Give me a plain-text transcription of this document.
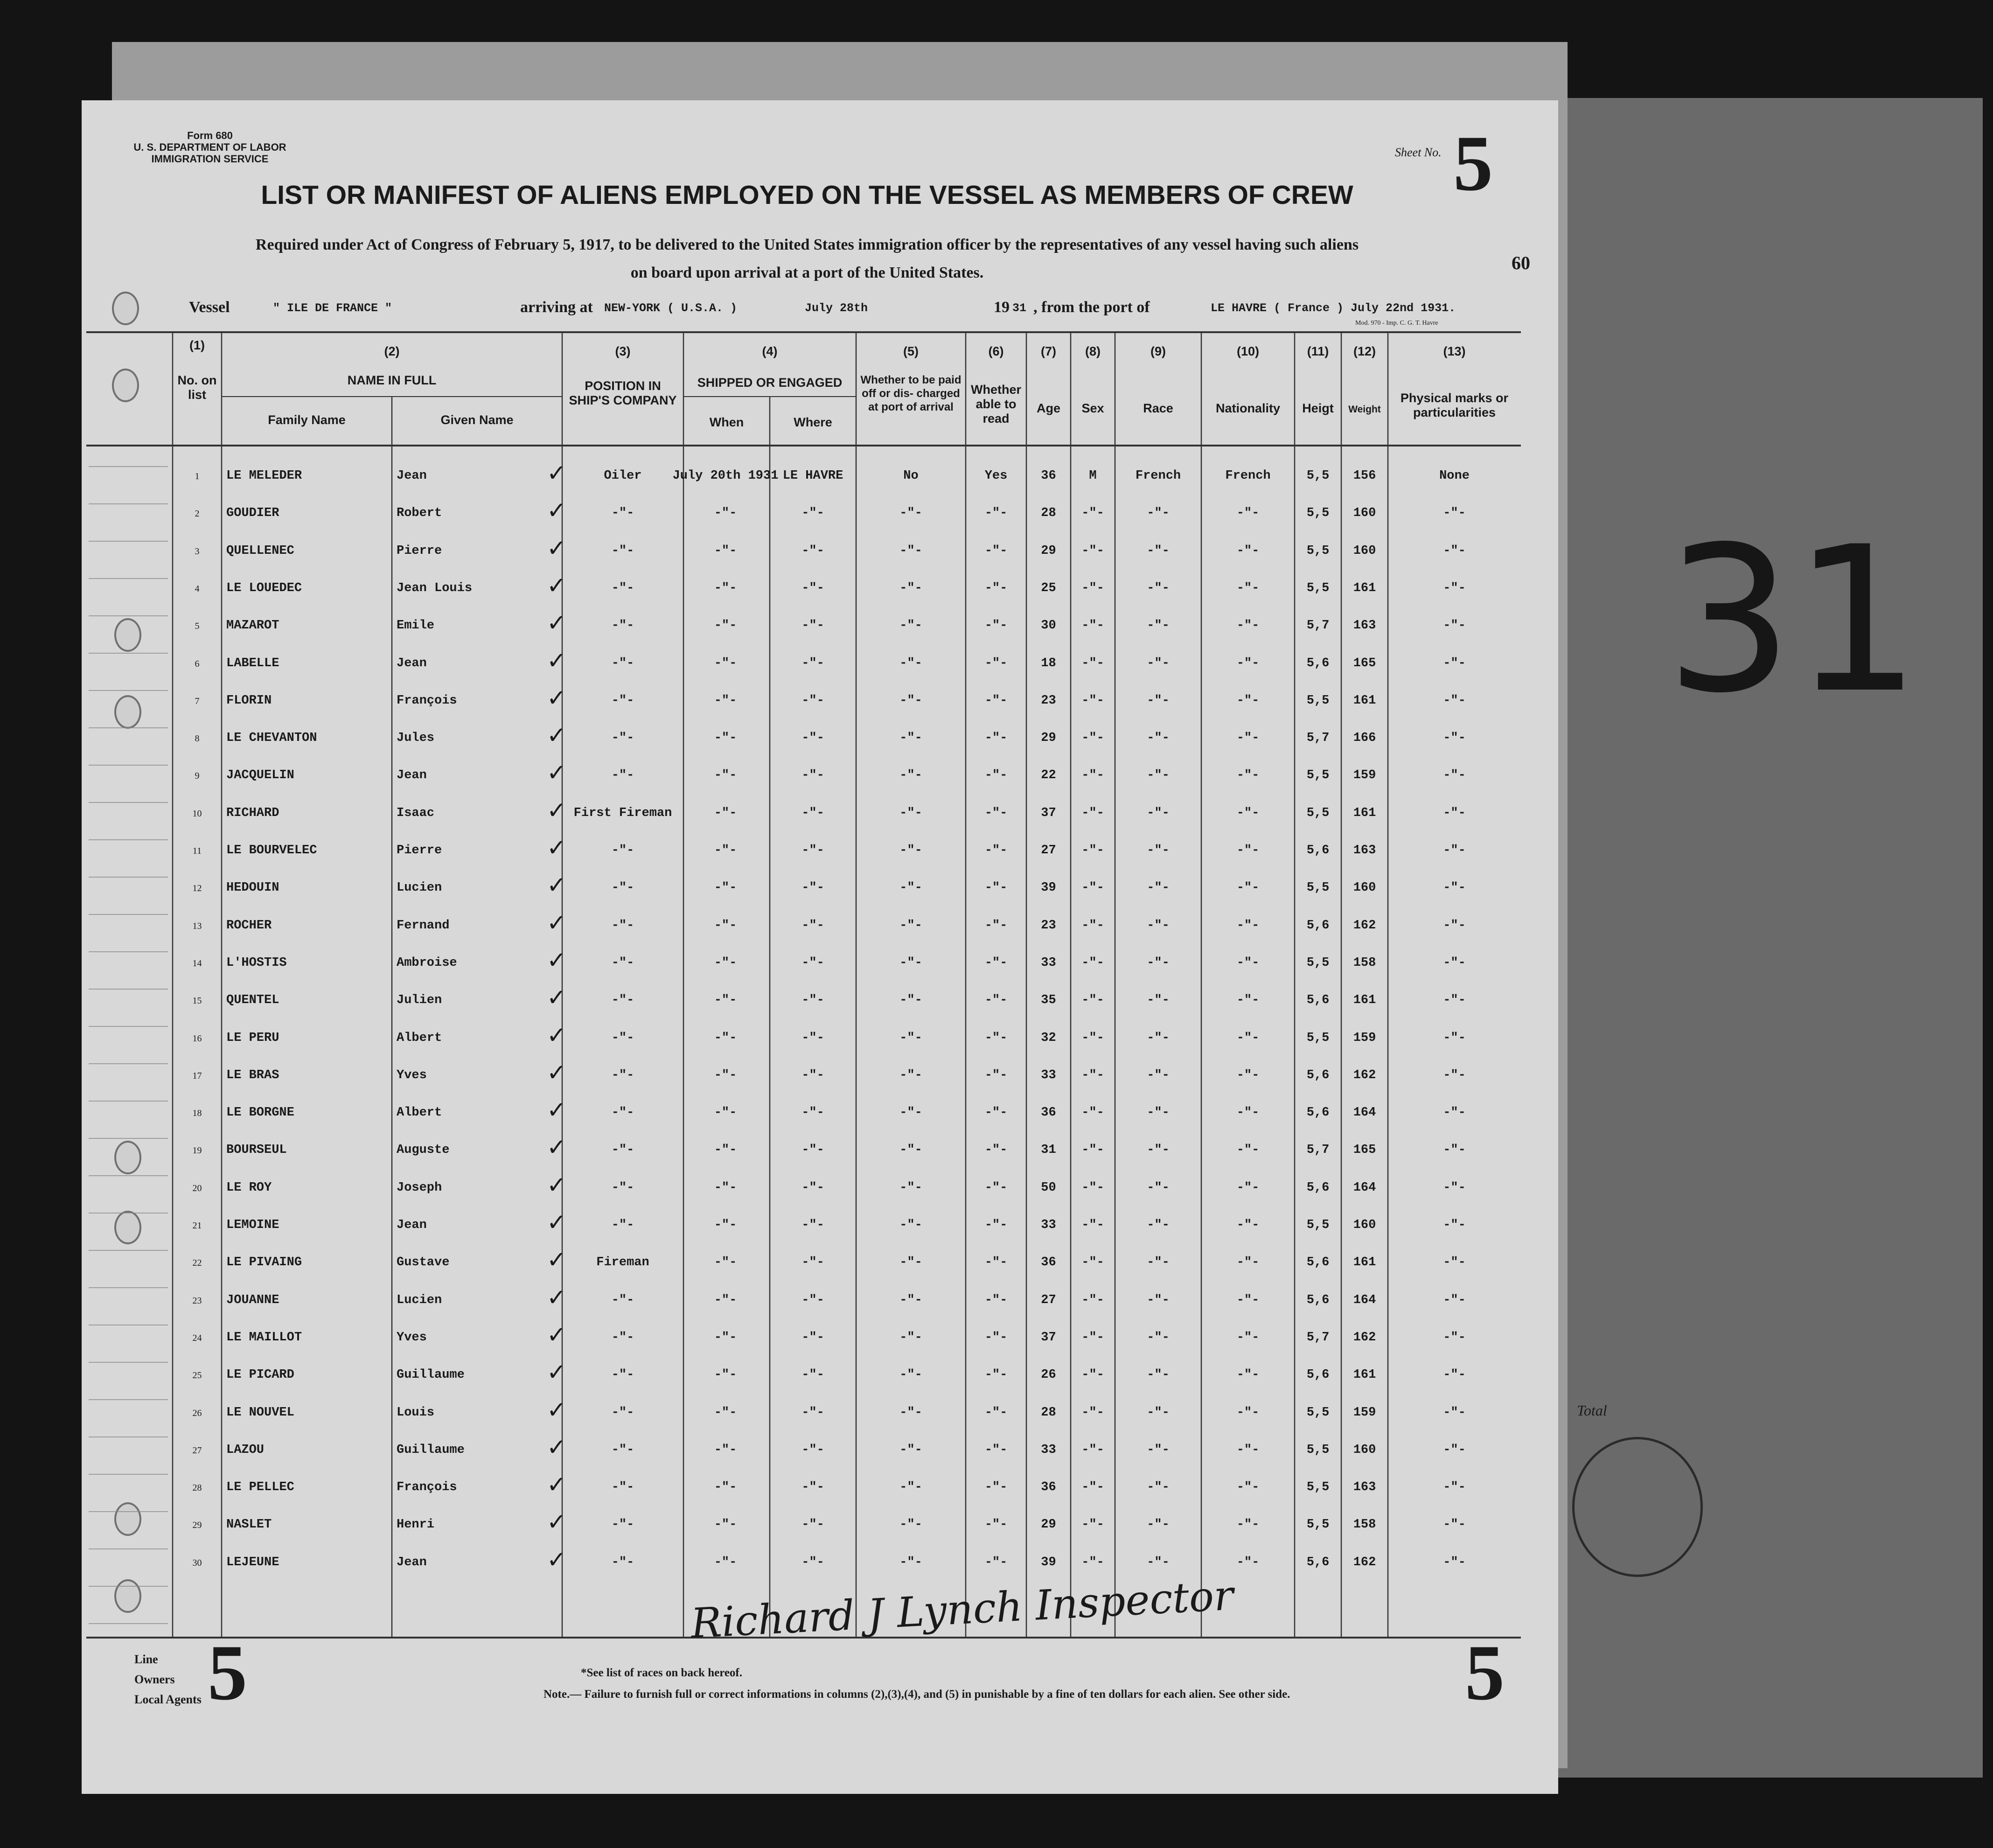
Form 680
U. S. DEPARTMENT OF LABOR
IMMIGRATION SERVICE	Sheet No. 5
LIST OR MANIFEST OF ALIENS EMPLOYED ON THE VESSEL AS MEMBERS OF CREW
Required under Act of Congress of February 5, 1917, to be delivered to the United States immigration officer by the representatives of any vessel having such aliens
on board upon arrival at a port of the United States.	60
Vessel	" ILE DE FRANCE "	arriving at NEW-YORK ( U.S.A. )	July 28th	19 31 , from the port of	LE HAVRE ( France ) July 22nd 1931.
Mod. 970 - Imp. C. G. T. Havre
(1)
No. on list
(2)
NAME IN FULL
Family Name	Given Name
(3)
POSITION IN SHIP'S COMPANY
(4)
SHIPPED OR ENGAGED
When	Where
(5)
Whether to be paid off or dis- charged at port of arrival
(6)
Whether able to read
(7)
Age
(8)
Sex
(9)
Race
(10)
Nationality
(11)
Heigt
(12)
Weight
(13)
Physical marks or particularities
1	LE MELEDER	Jean	Oiler	July 20th 1931 LE HAVRE	No	Yes	36	M	French	French	5,5	156	None
✓
2	GOUDIER	Robert	-"-	-"-	-"-	-"-	-"-	28	-"-	-"-	-"-	5,5	160	-"-
✓
3	QUELLENEC	Pierre	-"-	-"-	-"-	-"-	-"-	29	-"-	-"-	-"-	5,5	160	-"-
✓
4	LE LOUEDEC	Jean Louis	-"-	-"-	-"-	-"-	-"-	25	-"-	-"-	-"-	5,5	161	-"-
✓
5	MAZAROT	Emile	-"-	-"-	-"-	-"-	-"-	30	-"-	-"-	-"-	5,7	163	-"-
✓
6	LABELLE	Jean	-"-	-"-	-"-	-"-	-"-	18	-"-	-"-	-"-	5,6	165	-"-
✓
7	FLORIN	François	-"-	-"-	-"-	-"-	-"-	23	-"-	-"-	-"-	5,5	161	-"-
✓
8	LE CHEVANTON	Jules	-"-	-"-	-"-	-"-	-"-	29	-"-	-"-	-"-	5,7	166	-"-
✓
9	JACQUELIN	Jean	-"-	-"-	-"-	-"-	-"-	22	-"-	-"-	-"-	5,5	159	-"-
✓
10	RICHARD	Isaac	First Fireman	-"-	-"-	-"-	-"-	37	-"-	-"-	-"-	5,5	161	-"-
✓
11	LE BOURVELEC	Pierre	-"-	-"-	-"-	-"-	-"-	27	-"-	-"-	-"-	5,6	163	-"-
✓
12	HEDOUIN	Lucien	-"-	-"-	-"-	-"-	-"-	39	-"-	-"-	-"-	5,5	160	-"-
✓
13	ROCHER	Fernand	-"-	-"-	-"-	-"-	-"-	23	-"-	-"-	-"-	5,6	162	-"-
✓
14	L'HOSTIS	Ambroise	-"-	-"-	-"-	-"-	-"-	33	-"-	-"-	-"-	5,5	158	-"-
✓
15	QUENTEL	Julien	-"-	-"-	-"-	-"-	-"-	35	-"-	-"-	-"-	5,6	161	-"-
✓
16	LE PERU	Albert	-"-	-"-	-"-	-"-	-"-	32	-"-	-"-	-"-	5,5	159	-"-
✓
17	LE BRAS	Yves	-"-	-"-	-"-	-"-	-"-	33	-"-	-"-	-"-	5,6	162	-"-
✓
18	LE BORGNE	Albert	-"-	-"-	-"-	-"-	-"-	36	-"-	-"-	-"-	5,6	164	-"-
✓
19	BOURSEUL	Auguste	-"-	-"-	-"-	-"-	-"-	31	-"-	-"-	-"-	5,7	165	-"-
✓
20	LE ROY	Joseph	-"-	-"-	-"-	-"-	-"-	50	-"-	-"-	-"-	5,6	164	-"-
✓
21	LEMOINE	Jean	-"-	-"-	-"-	-"-	-"-	33	-"-	-"-	-"-	5,5	160	-"-
✓
22	LE PIVAING	Gustave	Fireman	-"-	-"-	-"-	-"-	36	-"-	-"-	-"-	5,6	161	-"-
✓
23	JOUANNE	Lucien	-"-	-"-	-"-	-"-	-"-	27	-"-	-"-	-"-	5,6	164	-"-
✓
24	LE MAILLOT	Yves	-"-	-"-	-"-	-"-	-"-	37	-"-	-"-	-"-	5,7	162	-"-
✓
25	LE PICARD	Guillaume	-"-	-"-	-"-	-"-	-"-	26	-"-	-"-	-"-	5,6	161	-"-
✓
26	LE NOUVEL	Louis	-"-	-"-	-"-	-"-	-"-	28	-"-	-"-	-"-	5,5	159	-"-
✓
27	LAZOU	Guillaume	-"-	-"-	-"-	-"-	-"-	33	-"-	-"-	-"-	5,5	160	-"-
✓
28	LE PELLEC	François	-"-	-"-	-"-	-"-	-"-	36	-"-	-"-	-"-	5,5	163	-"-
✓
29	NASLET	Henri	-"-	-"-	-"-	-"-	-"-	29	-"-	-"-	-"-	5,5	158	-"-
✓
30	LEJEUNE	Jean	-"-	-"-	-"-	-"-	-"-	39	-"-	-"-	-"-	5,6	162	-"-
✓
Richard J Lynch Inspector
Line
Owners
Local Agents 5	5
*See list of races on back hereof.
Note.— Failure to furnish full or correct informations in columns (2),(3),(4), and (5) in punishable by a fine of ten dollars for each alien. See other side.
31
Total
